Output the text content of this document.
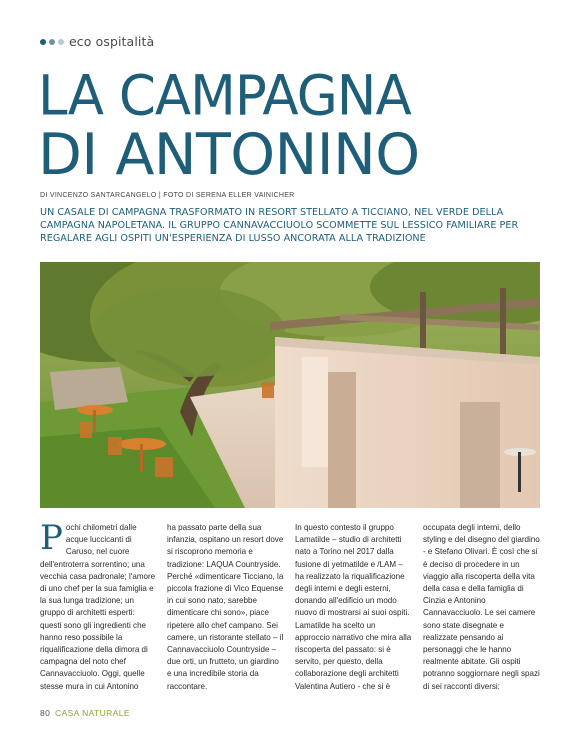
eco ospitalità
LA CAMPAGNA
DI ANTONINO
DI VINCENZO SANTARCANGELO | FOTO DI SERENA ELLER VAINICHER
UN CASALE DI CAMPAGNA TRASFORMATO IN RESORT STELLATO A TICCIANO, NEL VERDE DELLA CAMPAGNA NAPOLETANA. IL GRUPPO CANNAVACCIUOLO SCOMMETTE SUL LESSICO FAMILIARE PER REGALARE AGLI OSPITI UN'ESPERIENZA DI LUSSO ANCORATA ALLA TRADIZIONE

Pochi chilometri dalle acque luccicanti di Caruso, nel cuore dell'entroterra sorrentino; una vecchia casa padronale; l'amore di uno chef per la sua famiglia e la sua lunga tradizione; un gruppo di architetti esperti: questi sono gli ingredienti che hanno reso possibile la riqualificazione della dimora di campagna del noto chef Cannavacciuolo. Oggi, quelle stesse mura in cui Antonino

ha passato parte della sua infanzia, ospitano un resort dove si riscoprono memoria e tradizione: LAQUA Countryside. Perché «dimenticare Ticciano, la piccola frazione di Vico Equense in cui sono nato, sarebbe dimenticare chi sono», piace ripetere allo chef campano. Sei camere, un ristorante stellato – il Cannavacciuolo Countryside – due orti, un frutteto, un giardino e una incredibile storia da raccontare.

In questo contesto il gruppo Lamatilde – studio di architetti nato a Torino nel 2017 dalla fusione di yetmatilde e /LAM – ha realizzato la riqualificazione degli interni e degli esterni, donando all'edificio un modo nuovo di mostrarsi ai suoi ospiti. Lamatilde ha scelto un approccio narrativo che mira alla riscoperta del passato: si è servito, per questo, della collaborazione degli architetti Valentina Autiero - che si è

occupata degli interni, dello styling e del disegno del giardino - e Stefano Olivari. È così che si è deciso di procedere in un viaggio alla riscoperta della vita della casa e della famiglia di Cinzia e Antonino Cannavacciuolo. Le sei camere sono state disegnate e realizzate pensando ai personaggi che le hanno realmente abitate. Gli ospiti potranno soggiornare negli spazi di sei racconti diversi:

80 CASA NATURALE
